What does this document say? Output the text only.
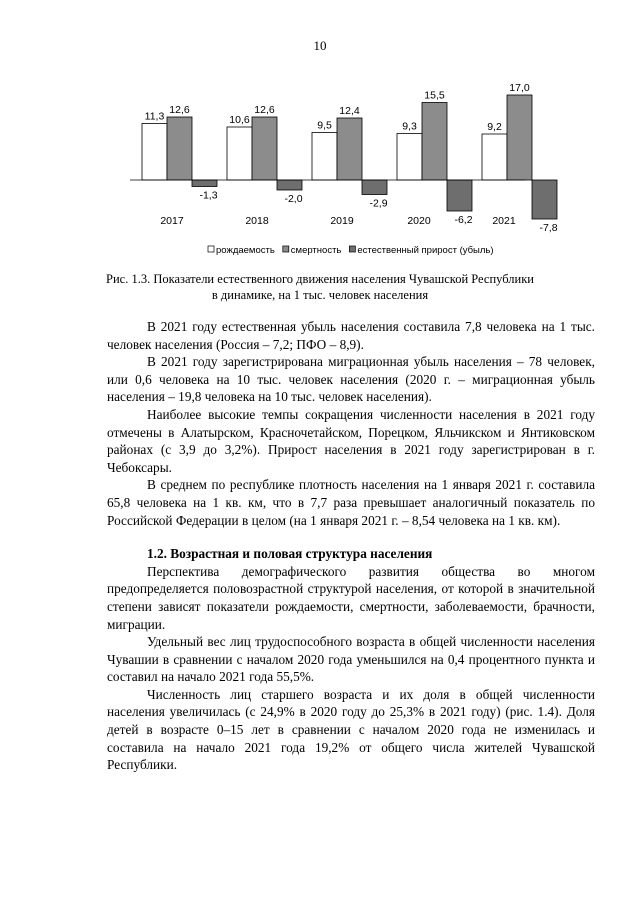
10
11,3
12,6
-1,3
2017
10,6
12,6
-2,0
2018
9,5
12,4
-2,9
2019
9,3
15,5
-6,2
2020
9,2
17,0
-7,8
2021
рождаемость смертность естественный прирост (убыль)
Рис. 1.3. Показатели естественного движения населения Чувашской Республики
в динамике, на 1 тыс. человек населения

В 2021 году естественная убыль населения составила 7,8 человека на 1 тыс. человек населения (Россия – 7,2; ПФО – 8,9).

В 2021 году зарегистрирована миграционная убыль населения – 78 человек, или 0,6 человека на 10 тыс. человек населения (2020 г. – миграционная убыль населения – 19,8 человека на 10 тыс. человек населения).

Наиболее высокие темпы сокращения численности населения в 2021 году отмечены в Алатырском, Красночетайском, Порецком, Яльчикском и Янтиковском районах (с 3,9 до 3,2%). Прирост населения в 2021 году зарегистрирован в г. Чебоксары.

В среднем по республике плотность населения на 1 января 2021 г. составила 65,8 человека на 1 кв. км, что в 7,7 раза превышает аналогичный показатель по Российской Федерации в целом (на 1 января 2021 г. – 8,54 человека на 1 кв. км).

1.2. Возрастная и половая структура населения

Перспектива демографического развития общества во многом предопределяется половозрастной структурой населения, от которой в значительной степени зависят показатели рождаемости, смертности, заболеваемости, брачности, миграции.

Удельный вес лиц трудоспособного возраста в общей численности населения Чувашии в сравнении с началом 2020 года уменьшился на 0,4 процентного пункта и составил на начало 2021 года 55,5%.

Численность лиц старшего возраста и их доля в общей численности населения увеличилась (с 24,9% в 2020 году до 25,3% в 2021 году) (рис. 1.4). Доля детей в возрасте 0–15 лет в сравнении с началом 2020 года не изменилась и составила на начало 2021 года 19,2% от общего числа жителей Чувашской Республики.
